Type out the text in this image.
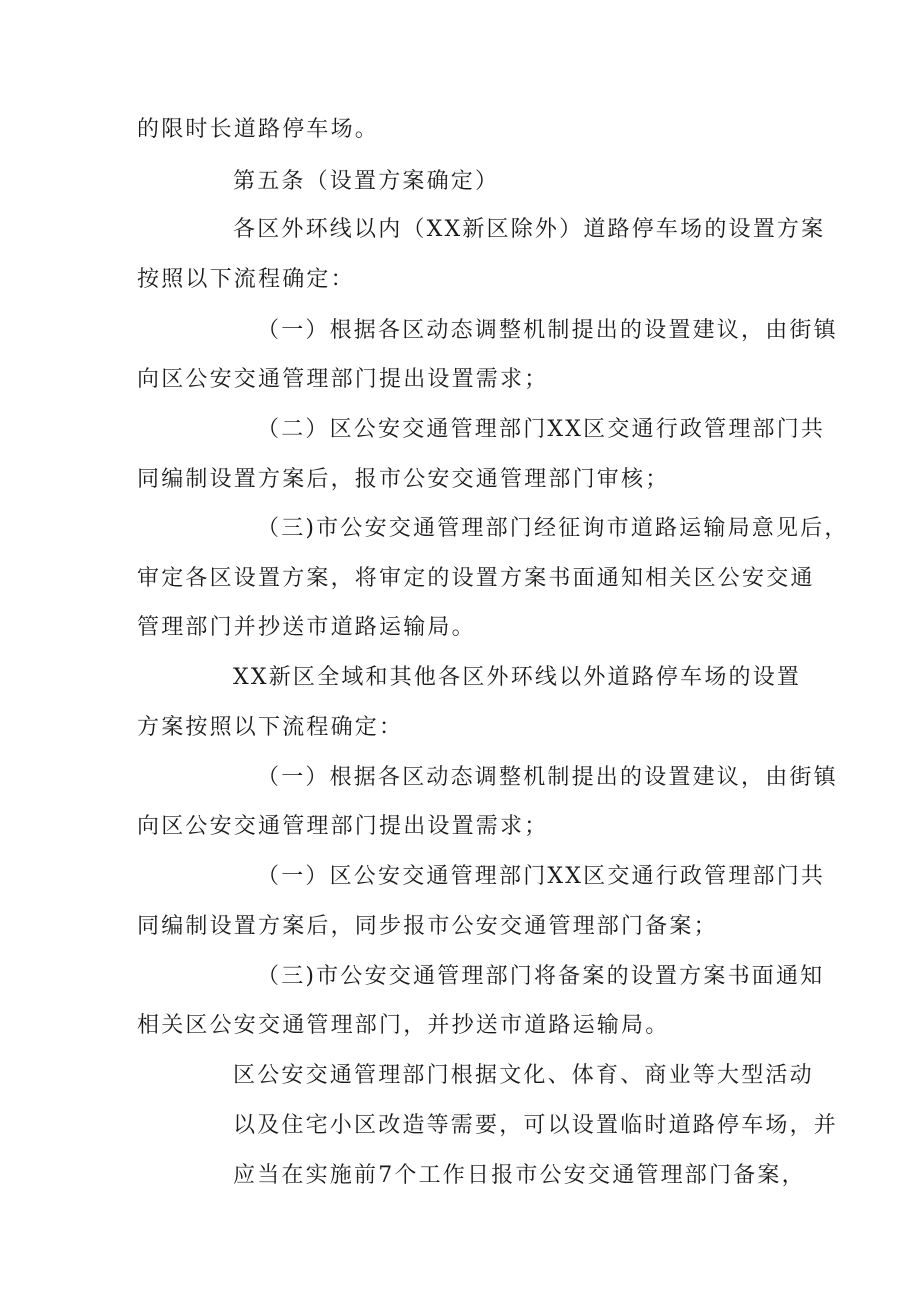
的限时长道路停车场。
第五条（设置方案确定）
各区外环线以内（XX新区除外）道路停车场的设置方案
按照以下流程确定：
（一）根据各区动态调整机制提出的设置建议，由街镇
向区公安交通管理部门提出设置需求；
（二）区公安交通管理部门XX区交通行政管理部门共
同编制设置方案后，报市公安交通管理部门审核；
（三)市公安交通管理部门经征询市道路运输局意见后，
审定各区设置方案，将审定的设置方案书面通知相关区公安交通
管理部门并抄送市道路运输局。
XX新区全域和其他各区外环线以外道路停车场的设置
方案按照以下流程确定：
（一）根据各区动态调整机制提出的设置建议，由街镇
向区公安交通管理部门提出设置需求；
（一）区公安交通管理部门XX区交通行政管理部门共
同编制设置方案后，同步报市公安交通管理部门备案；
（三)市公安交通管理部门将备案的设置方案书面通知
相关区公安交通管理部门，并抄送市道路运输局。
区公安交通管理部门根据文化、体育、商业等大型活动
以及住宅小区改造等需要，可以设置临时道路停车场，并
应当在实施前7个工作日报市公安交通管理部门备案，
